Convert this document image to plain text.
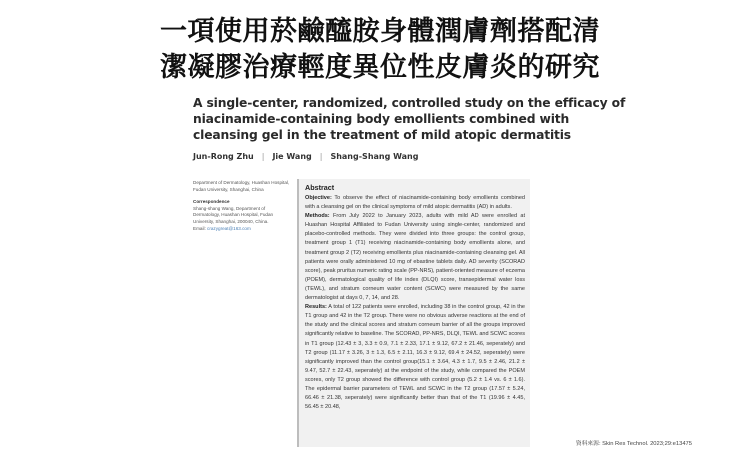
一項使用菸鹼醯胺身體潤膚劑搭配清
潔凝膠治療輕度異位性皮膚炎的研究
A single-center, randomized, controlled study on the efficacy of
niacinamide-containing body emollients combined with
cleansing gel in the treatment of mild atopic dermatitis
Jun-Rong Zhu | Jie Wang | Shang-Shang Wang
Department of Dermatology, Huashan Hospital, Fudan University, Shanghai, China
Correspondence
Shang-shang Wang, Department of Dermatology, Huashan Hospital, Fudan University, Shanghai, 200040, China.
Email: crazygreat@163.com
Abstract

Objective: To observe the effect of niacinamide-containing body emollients combined with a cleansing gel on the clinical symptoms of mild atopic dermatitis (AD) in adults.

Methods: From July 2022 to January 2023, adults with mild AD were enrolled at Huashan Hospital Affiliated to Fudan University using single-center, randomized and placebo-controlled methods. They were divided into three groups: the control group, treatment group 1 (T1) receiving niacinamide-containing body emollients alone, and treatment group 2 (T2) receiving emollients plus niacinamide-containing cleansing gel. All patients were orally administered 10 mg of ebastine tablets daily. AD severity (SCORAD score), peak pruritus numeric rating scale (PP-NRS), patient-oriented measure of eczema (POEM), dermatological quality of life index (DLQI) score, transepidermal water loss (TEWL), and stratum corneum water content (SCWC) were measured by the same dermatologist at days 0, 7, 14, and 28.

Results: A total of 122 patients were enrolled, including 38 in the control group, 42 in the T1 group and 42 in the T2 group. There were no obvious adverse reactions at the end of the study and the clinical scores and stratum corneum barrier of all the groups improved significantly relative to baseline. The SCORAD, PP-NRS, DLQI, TEWL and SCWC scores in T1 group (12.43 ± 3, 3.3 ± 0.9, 7.1 ± 2.33, 17.1 ± 9.12, 67.2 ± 21.46, seperately) and T2 group (11.17 ± 3.26, 3 ± 1.3, 6.5 ± 2.11, 16.3 ± 9.12, 69.4 ± 24.52, seperately) were significantly improved than the control group(15.1 ± 3.64, 4.3 ± 1.7, 9.5 ± 2.46, 21.2 ± 9.47, 52.7 ± 22.43, seperately) at the endpoint of the study, while compared the POEM scores, only T2 group showed the difference with control group (5.2 ± 1.4 vs. 6 ± 1.6). The epidermal barrier parameters of TEWL and SCWC in the T2 group (17.57 ± 5.24, 66.46 ± 21.38, seperately) were significantly better than that of the T1 (19.96 ± 4.45, 56.45 ± 20.48,

資料來源: Skin Res Technol. 2023;29:e13475
